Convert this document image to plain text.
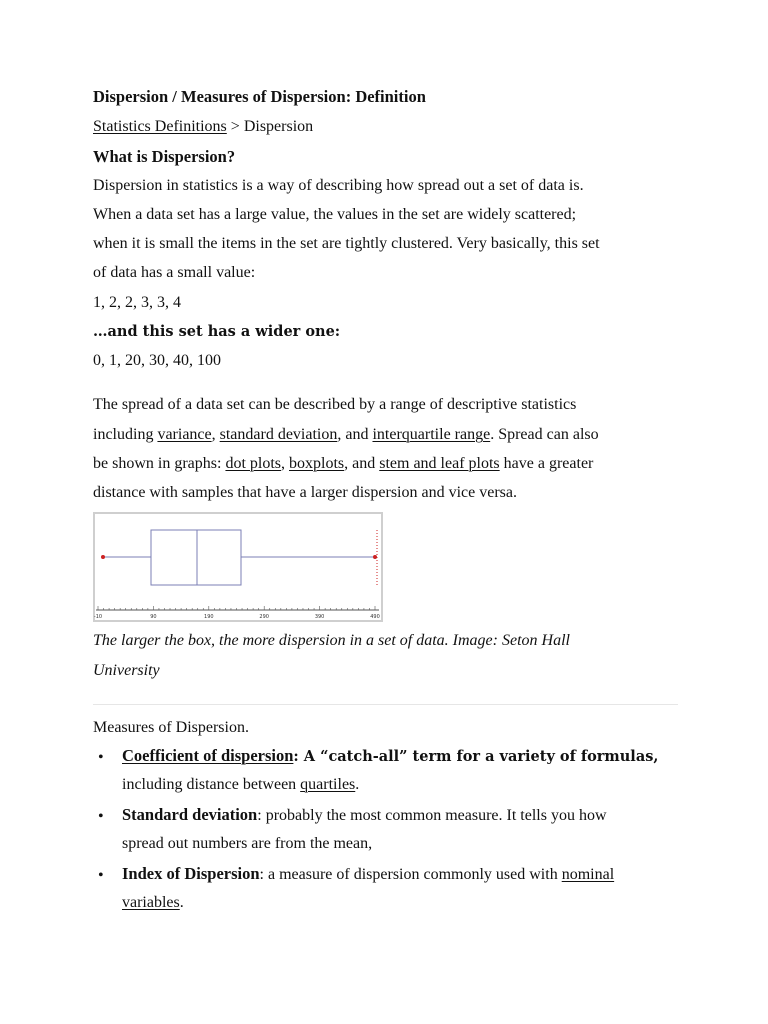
Dispersion / Measures of Dispersion: Definition
Statistics Definitions > Dispersion
What is Dispersion?
Dispersion in statistics is a way of describing how spread out a set of data is.
When a data set has a large value, the values in the set are widely scattered;
when it is small the items in the set are tightly clustered. Very basically, this set
of data has a small value:
1, 2, 2, 3, 3, 4
…and this set has a wider one:
0, 1, 20, 30, 40, 100
The spread of a data set can be described by a range of descriptive statistics
including variance, standard deviation, and interquartile range. Spread can also
be shown in graphs: dot plots, boxplots, and stem and leaf plots have a greater
distance with samples that have a larger dispersion and vice versa.
-10	90	190	290	390	490
The larger the box, the more dispersion in a set of data. Image: Seton Hall
University
Measures of Dispersion.
• Coefficient of dispersion: A “catch-all” term for a variety of formulas,
including distance between quartiles.
• Standard deviation: probably the most common measure. It tells you how
spread out numbers are from the mean,
• Index of Dispersion: a measure of dispersion commonly used with nominal
variables.
